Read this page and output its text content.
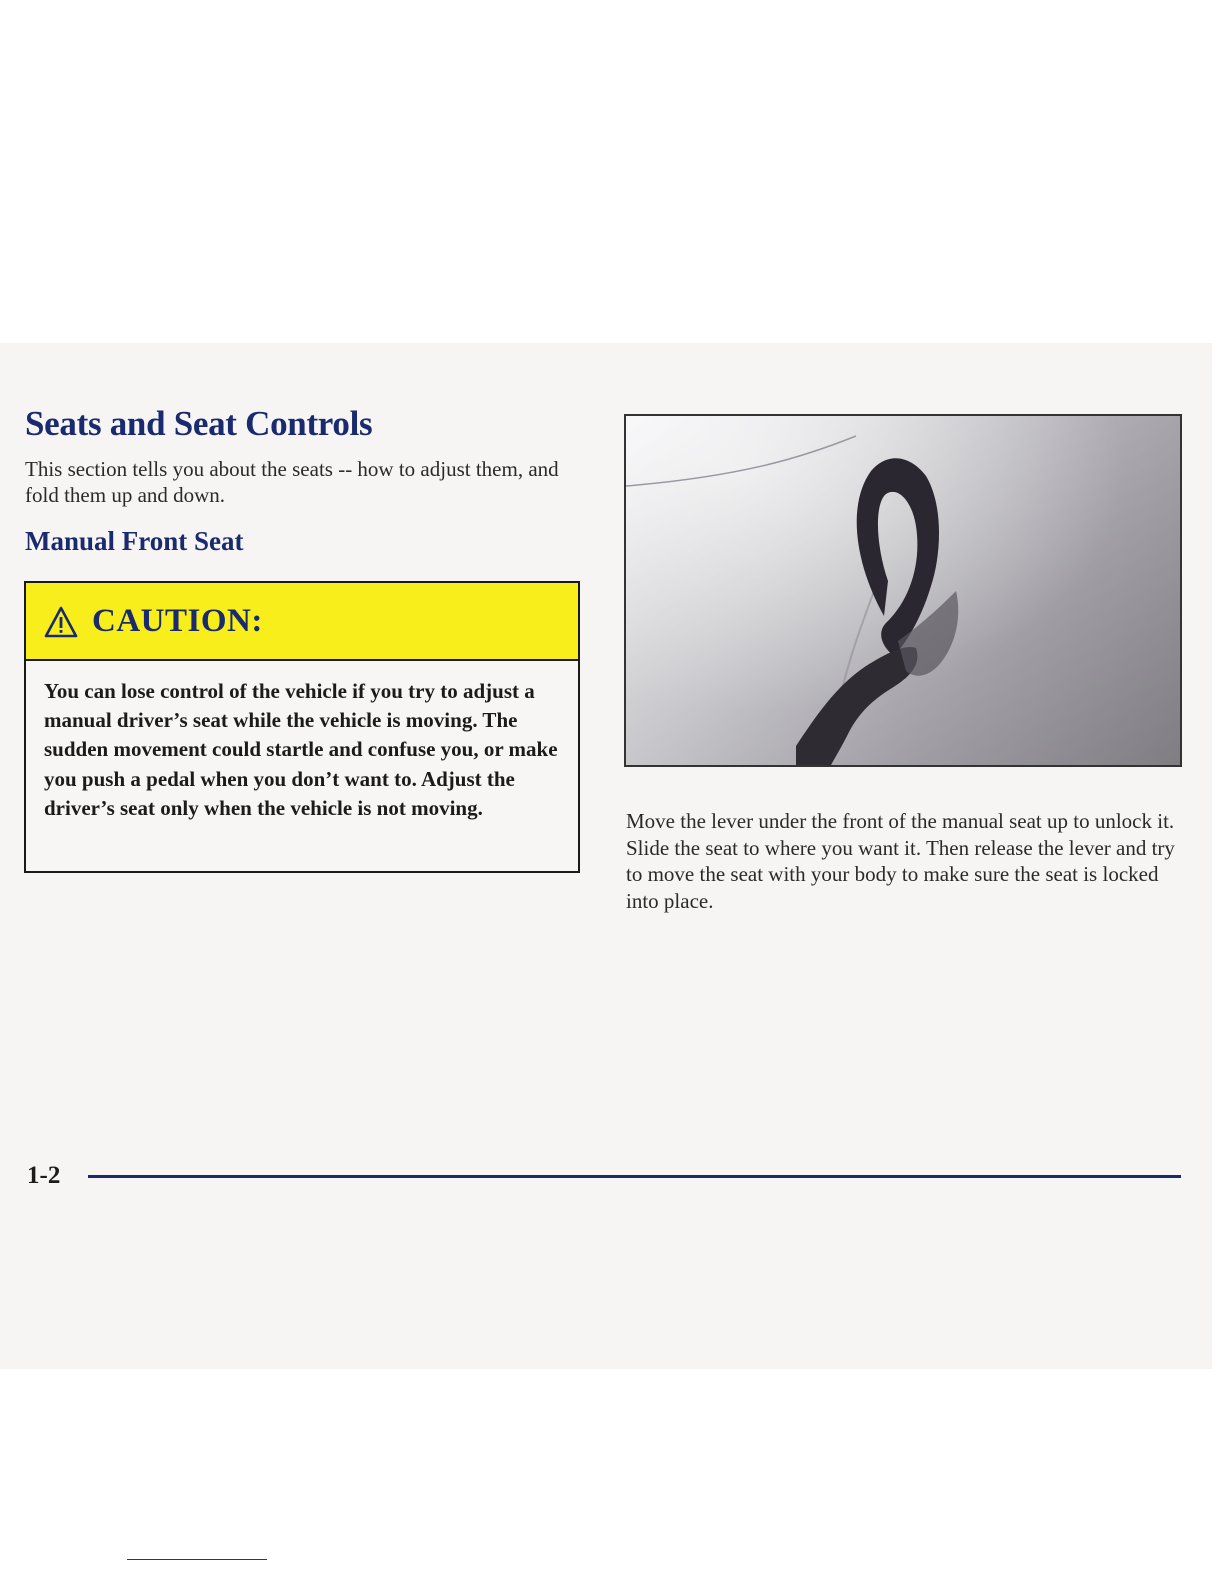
Seats and Seat Controls

This section tells you about the seats -- how to adjust them, and fold them up and down.

Manual Front Seat
CAUTION:

You can lose control of the vehicle if you try to adjust a manual driver’s seat while the vehicle is moving. The sudden movement could startle and confuse you, or make you push a pedal when you don’t want to. Adjust the driver’s seat only when the vehicle is not moving.

Move the lever under the front of the manual seat up to unlock it. Slide the seat to where you want it. Then release the lever and try to move the seat with your body to make sure the seat is locked into place.

1-2
